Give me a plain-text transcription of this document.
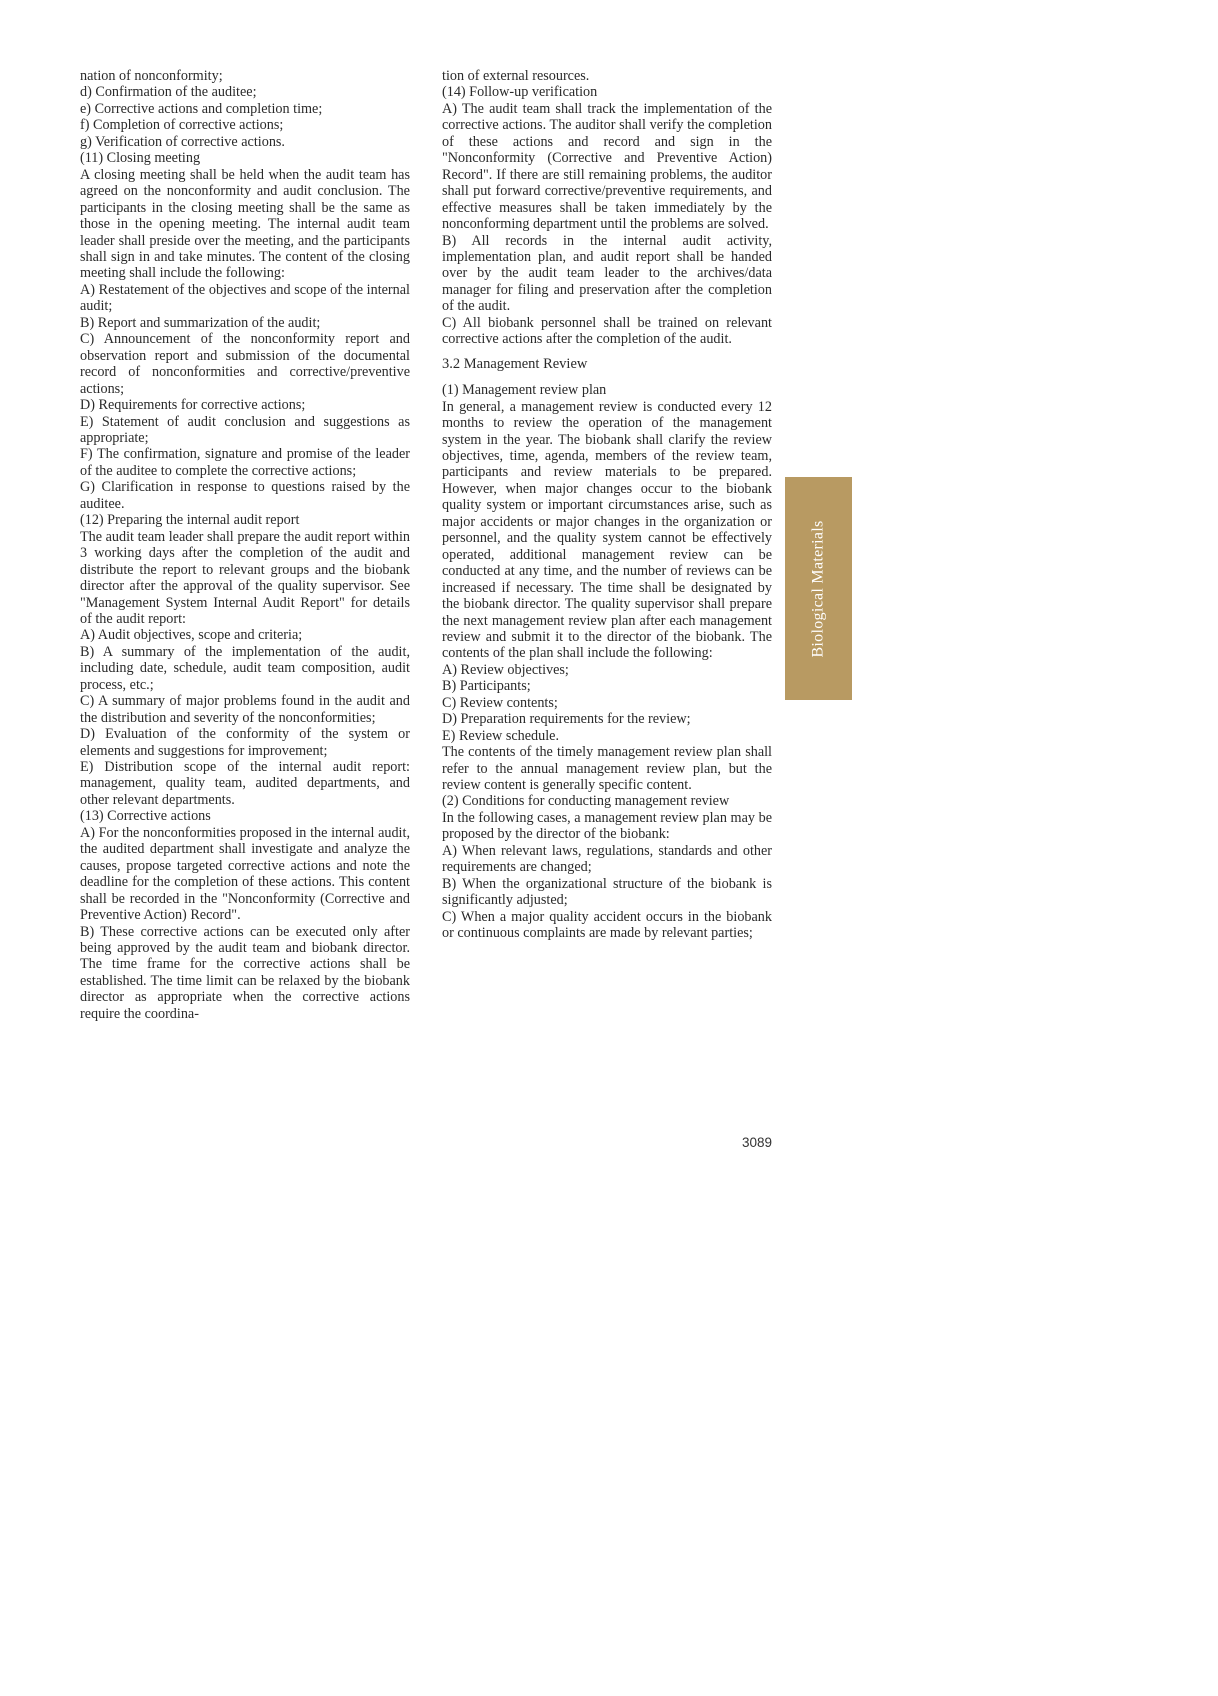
nation of nonconformity;

d) Confirmation of the auditee;

e) Corrective actions and completion time;

f) Completion of corrective actions;

g) Verification of corrective actions.

(11) Closing meeting

A closing meeting shall be held when the audit team has agreed on the nonconformity and audit conclusion. The participants in the closing meeting shall be the same as those in the opening meeting. The internal audit team leader shall preside over the meeting, and the participants shall sign in and take minutes. The content of the closing meeting shall include the following:

A) Restatement of the objectives and scope of the internal audit;

B) Report and summarization of the audit;

C) Announcement of the nonconformity report and observation report and submission of the documental record of nonconformities and corrective/preventive actions;

D) Requirements for corrective actions;

E) Statement of audit conclusion and suggestions as appropriate;

F) The confirmation, signature and promise of the leader of the auditee to complete the corrective actions;

G) Clarification in response to questions raised by the auditee.

(12) Preparing the internal audit report

The audit team leader shall prepare the audit report within 3 working days after the completion of the audit and distribute the report to relevant groups and the biobank director after the approval of the quality supervisor. See "Management System Internal Audit Report" for details of the audit report:

A) Audit objectives, scope and criteria;

B) A summary of the implementation of the audit, including date, schedule, audit team composition, audit process, etc.;

C) A summary of major problems found in the audit and the distribution and severity of the nonconformities;

D) Evaluation of the conformity of the system or elements and suggestions for improvement;

E) Distribution scope of the internal audit report: management, quality team, audited departments, and other relevant departments.

(13) Corrective actions

A) For the nonconformities proposed in the internal audit, the audited department shall investigate and analyze the causes, propose targeted corrective actions and note the deadline for the completion of these actions. This content shall be recorded in the "Nonconformity (Corrective and Preventive Action) Record".

B) These corrective actions can be executed only after being approved by the audit team and biobank director. The time frame for the corrective actions shall be established. The time limit can be relaxed by the biobank director as appropriate when the corrective actions require the coordina-

tion of external resources.

(14) Follow-up verification

A) The audit team shall track the implementation of the corrective actions. The auditor shall verify the completion of these actions and record and sign in the "Nonconformity (Corrective and Preventive Action) Record". If there are still remaining problems, the auditor shall put forward corrective/preventive requirements, and effective measures shall be taken immediately by the nonconforming department until the problems are solved.

B) All records in the internal audit activity, implementation plan, and audit report shall be handed over by the audit team leader to the archives/data manager for filing and preservation after the completion of the audit.

C) All biobank personnel shall be trained on relevant corrective actions after the completion of the audit.

3.2 Management Review

(1) Management review plan

In general, a management review is conducted every 12 months to review the operation of the management system in the year. The biobank shall clarify the review objectives, time, agenda, members of the review team, participants and review materials to be prepared. However, when major changes occur to the biobank quality system or important circumstances arise, such as major accidents or major changes in the organization or personnel, and the quality system cannot be effectively operated, additional management review can be conducted at any time, and the number of reviews can be increased if necessary. The time shall be designated by the biobank director. The quality supervisor shall prepare the next management review plan after each management review and submit it to the director of the biobank. The contents of the plan shall include the following:

A) Review objectives;

B) Participants;

C) Review contents;

D) Preparation requirements for the review;

E) Review schedule.

The contents of the timely management review plan shall refer to the annual management review plan, but the review content is generally specific content.

(2) Conditions for conducting management review

In the following cases, a management review plan may be proposed by the director of the biobank:

A) When relevant laws, regulations, standards and other requirements are changed;

B) When the organizational structure of the biobank is significantly adjusted;

C) When a major quality accident occurs in the biobank or continuous complaints are made by relevant parties;

Biological Materials
3089
